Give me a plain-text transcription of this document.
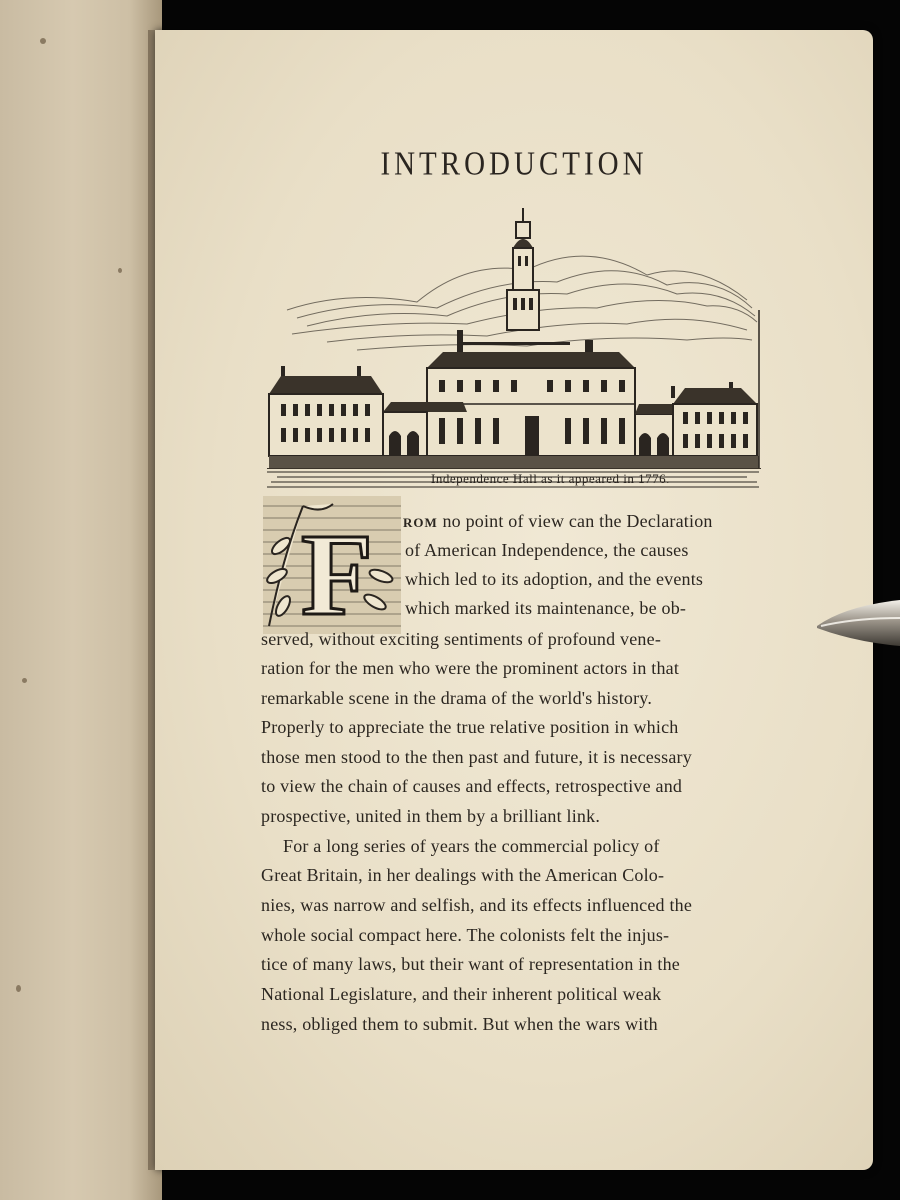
INTRODUCTION
Independence Hall as it appeared in 1776.
F ROM no point of view can the Declaration
of American Independence, the causes
which led to its adoption, and the events
which marked its maintenance, be ob-
served, without exciting sentiments of profound vene-
ration for the men who were the prominent actors in that
remarkable scene in the drama of the world's history.
Properly to appreciate the true relative position in which
those men stood to the then past and future, it is necessary
to view the chain of causes and effects, retrospective and
prospective, united in them by a brilliant link.
For a long series of years the commercial policy of
Great Britain, in her dealings with the American Colo-
nies, was narrow and selfish, and its effects influenced the
whole social compact here. The colonists felt the injus-
tice of many laws, but their want of representation in the
National Legislature, and their inherent political weak
ness, obliged them to submit. But when the wars with
